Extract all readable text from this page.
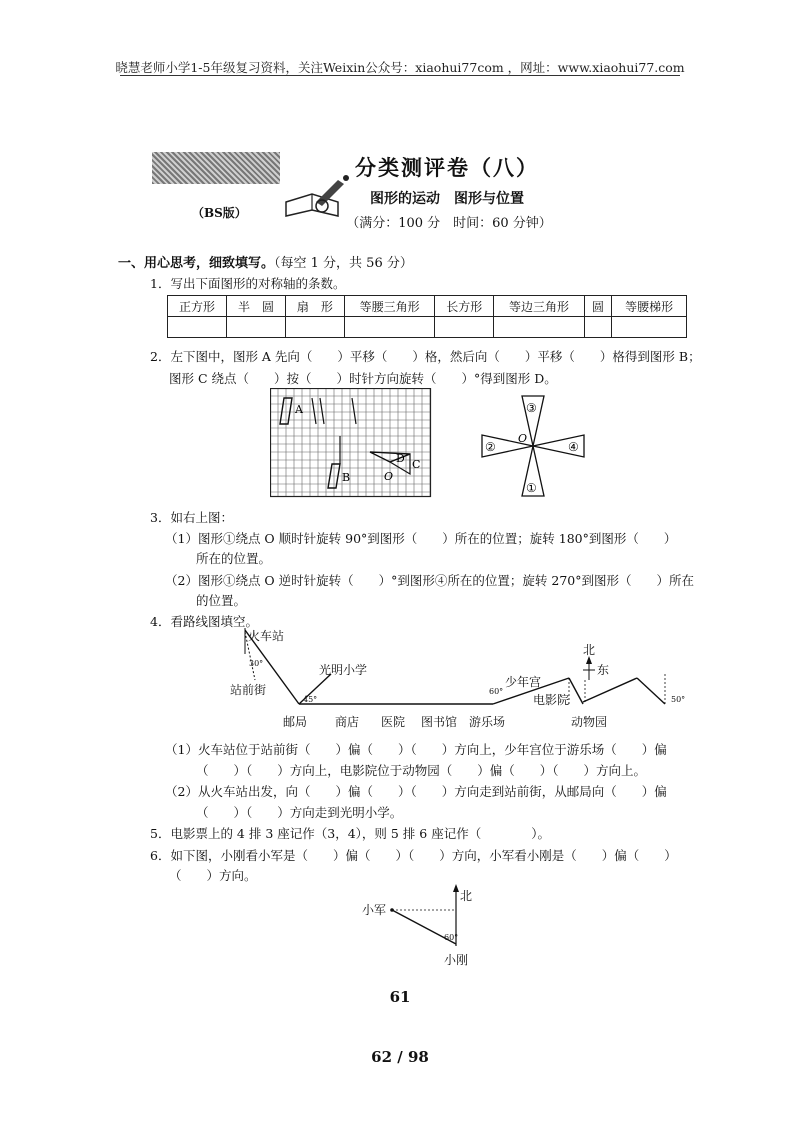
晓慧老师小学1-5年级复习资料，关注Weixin公众号：xiaohui77com ，网址：www.xiaohui77.com
（BS版）
分类测评卷（八）
图形的运动　图形与位置
（满分：100 分　时间：60 分钟）
一、用心思考，细致填写。（每空 1 分，共 56 分）
1．写出下面图形的对称轴的条数。
正方形	半　圆	扇　形	等腰三角形	长方形	等边三角形	圆	等腰梯形

2．左下图中，图形 A 先向（　　）平移（　　）格，然后向（　　）平移（　　）格得到图形 B；
图形 C 绕点（　　）按（　　）时针方向旋转（　　）°得到图形 D。
A
B
C
D
O
③
①
②	④
O
3．如右上图：
（1）图形①绕点 O 顺时针旋转 90°到图形（　　）所在的位置；旋转 180°到图形（　　）
所在的位置。
（2）图形①绕点 O 逆时针旋转（　　）°到图形④所在的位置；旋转 270°到图形（　　）所在
的位置。
4．看路线图填空。
火车站
站前街
光明小学
邮局 商店 医院 图书馆 游乐场
少年宫
电影院
动物园
北
东
30°
45°
60°
50°
（1）火车站位于站前街（　　）偏（　　）（　　）方向上，少年宫位于游乐场（　　）偏
（　　）（　　）方向上，电影院位于动物园（　　）偏（　　）（　　）方向上。
（2）从火车站出发，向（　　）偏（　　）（　　）方向走到站前街，从邮局向（　　）偏
（　　）（　　）方向走到光明小学。
5．电影票上的 4 排 3 座记作（3，4），则 5 排 6 座记作（　　　　）。
6．如下图，小刚看小军是（　　）偏（　　）（　　）方向，小军看小刚是（　　）偏（　　）
（　　）方向。
北
小军
小刚
60°
61
62 / 98
